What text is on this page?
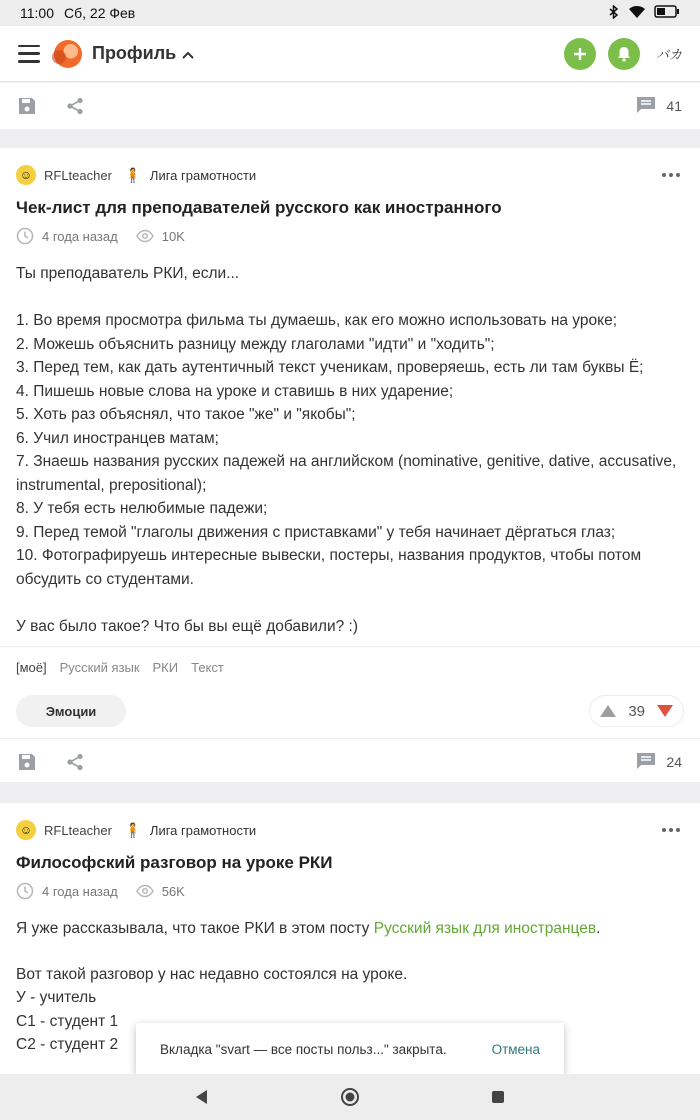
11:00 Сб, 22 Фев
Профиль	バカ
41
☺ RFLteacher 🧍 Лига грамотности
Чек-лист для преподавателей русского как иностранного
4 года назад	10K
Ты преподаватель РКИ, если...

1. Во время просмотра фильма ты думаешь, как его можно использовать на уроке;
2. Можешь объяснить разницу между глаголами "идти" и "ходить";
3. Перед тем, как дать аутентичный текст ученикам, проверяешь, есть ли там буквы Ё;
4. Пишешь новые слова на уроке и ставишь в них ударение;
5. Хоть раз объяснял, что такое "же" и "якобы";
6. Учил иностранцев матам;
7. Знаешь названия русских падежей на английском (nominative, genitive, dative, accusative, instrumental, prepositional);
8. У тебя есть нелюбимые падежи;
9. Перед темой "глаголы движения с приставками" у тебя начинает дёргаться глаз;
10. Фотографируешь интересные вывески, постеры, названия продуктов, чтобы потом обсудить со студентами.

У вас было такое? Что бы вы ещё добавили? :)
[моё] Русский язык РКИ Текст
Эмоции	39
24
☺ RFLteacher 🧍 Лига грамотности
Философский разговор на уроке РКИ
4 года назад	56K
Я уже рассказывала, что такое РКИ в этом посту Русский язык для иностранцев.
Вот такой разговор у нас недавно состоялся на уроке.
У - учитель
С1 - студент 1
С2 - студент 2	Вкладка "svart — все посты польз..." закрыта.	Отмена
